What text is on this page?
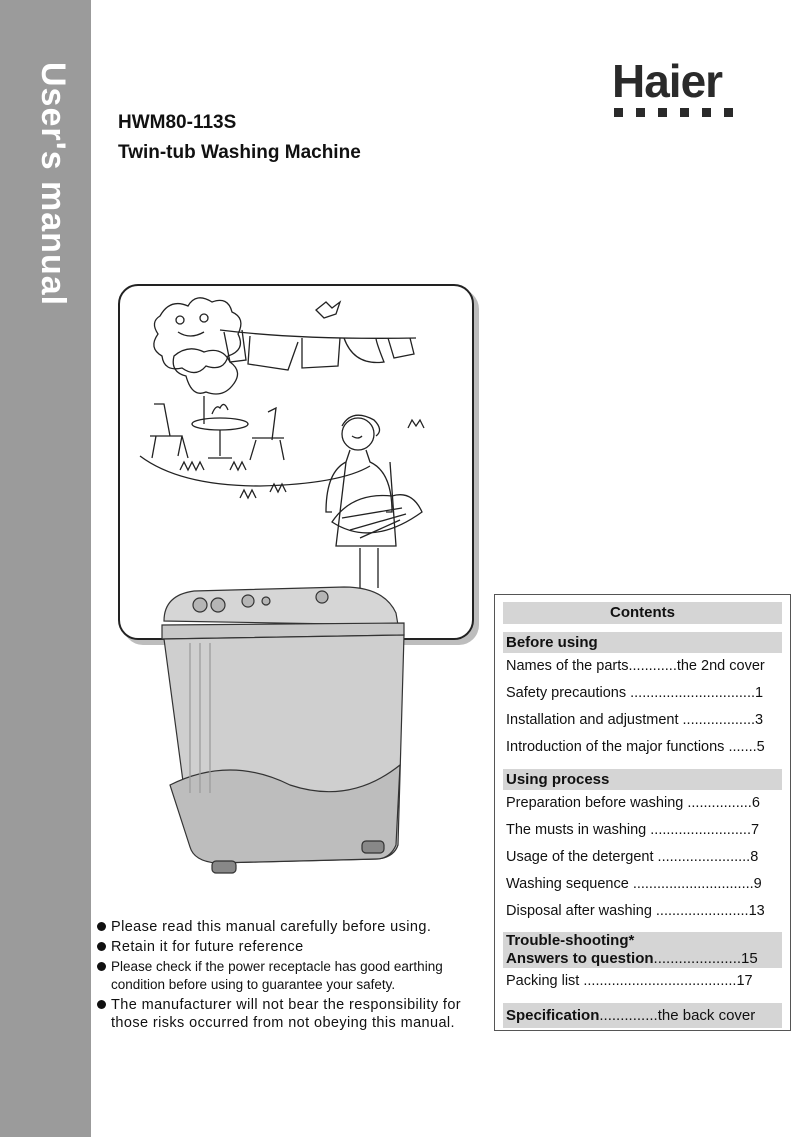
User's manual	Haier
HWM80-113S
Twin-tub Washing Machine
Please read this manual carefully before using.
Retain it for future reference
Please check if the power receptacle has good earthing condition before using to guarantee your safety.
The manufacturer will not bear the responsibility for those risks occurred from not obeying this manual.
Contents
Before using
Names of the parts............the 2nd cover
Safety precautions ...............................1
Installation and adjustment ..................3
Introduction of the major functions .......5
Using process
Preparation before washing ................6
The musts in washing .........................7
Usage of the detergent .......................8
Washing sequence ..............................9
Disposal after washing .......................13
Trouble-shooting*
Answers to question.....................15
Packing list ......................................17
Specification..............the back cover
